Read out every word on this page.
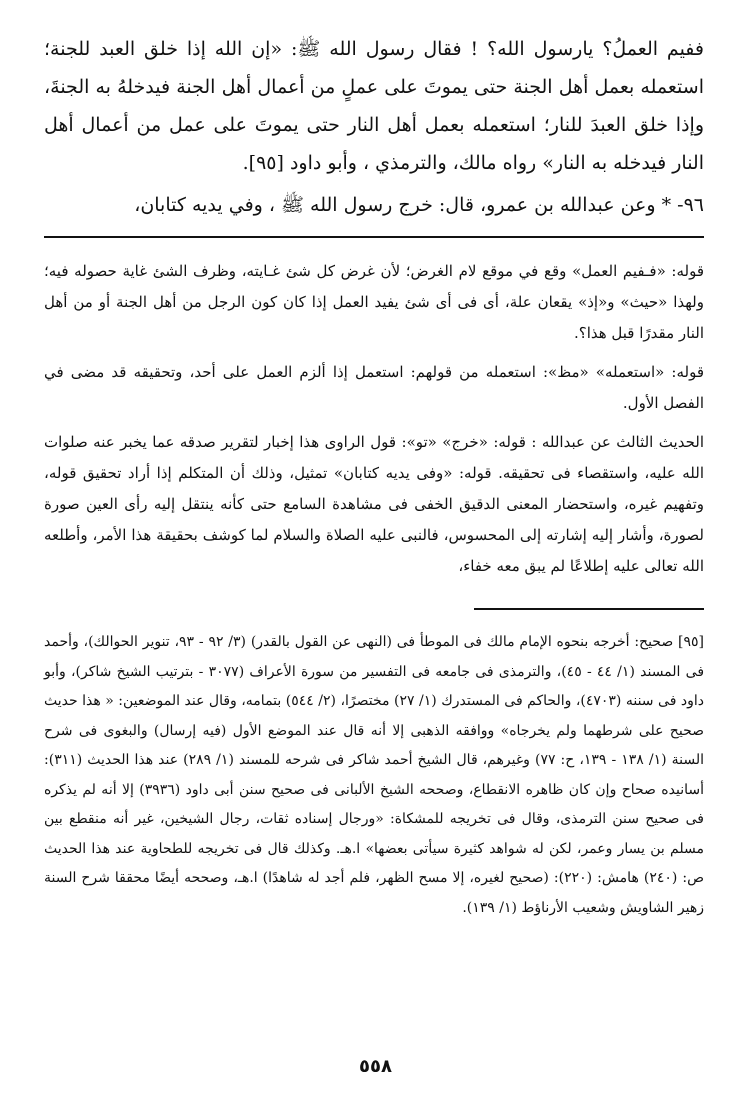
ففيم العملُ؟ يارسول الله؟ ! فقال رسول الله ﷺ: «إن الله إذا خلق العبد للجنة؛ استعمله بعمل أهل الجنة حتى يموتَ على عملٍ من أعمال أهل الجنة فيدخلهُ به الجنةَ، وإذا خلق العبدَ للنار؛ استعمله بعمل أهل النار حتى يموتَ على عمل من أعمال أهل النار فيدخله به النار» رواه مالك، والترمذي ، وأبو داود [٩٥].

٩٦- * وعن عبدالله بن عمرو، قال: خرج رسول الله ﷺ ، وفي يديه كتابان،

قوله: «فـفيم العمل» وقع في موقع لام الغرض؛ لأن غرض كل شئ غـايته، وظرف الشئ غاية حصوله فيه؛ ولهذا «حيث» و«إذ» يقعان علة، أى فى أى شئ يفيد العمل إذا كان كون الرجل من أهل الجنة أو من أهل النار مقدرًا قبل هذا؟.

قوله: «استعمله» «مظ»: استعمله من قولهم: استعمل إذا ألزم العمل على أحد، وتحقيقه قد مضى في الفصل الأول.

الحديث الثالث عن عبدالله : قوله: «خرج» «تو»: قول الراوى هذا إخبار لتقرير صدقه عما يخبر عنه صلوات الله عليه، واستقصاء فى تحقيقه. قوله: «وفى يديه كتابان» تمثيل، وذلك أن المتكلم إذا أراد تحقيق قوله، وتفهيم غيره، واستحضار المعنى الدقيق الخفى فى مشاهدة السامع حتى كأنه ينتقل إليه رأى العين صورة لصورة، وأشار إليه إشارته إلى المحسوس، فالنبى عليه الصلاة والسلام لما كوشف بحقيقة هذا الأمر، وأطلعه الله تعالى عليه إطلاعًا لم يبق معه خفاء،

[٩٥] صحيح: أخرجه بنحوه الإمام مالك فى الموطأ فى (النهى عن القول بالقدر) (٣/ ٩٢ - ٩٣، تنوير الحوالك)، وأحمد فى المسند (١/ ٤٤ - ٤٥)، والترمذى فى جامعه فى التفسير من سورة الأعراف (٣٠٧٧ - بترتيب الشيخ شاكر)، وأبو داود فى سننه (٤٧٠٣)، والحاكم فى المستدرك (١/ ٢٧) مختصرًا، (٢/ ٥٤٤) بتمامه، وقال عند الموضعين: « هذا حديث صحيح على شرطهما ولم يخرجاه» ووافقه الذهبى إلا أنه قال عند الموضع الأول (فيه إرسال) والبغوى فى شرح السنة (١/ ١٣٨ - ١٣٩، ح: ٧٧) وغيرهم، قال الشيخ أحمد شاكر فى شرحه للمسند (١/ ٢٨٩) عند هذا الحديث (٣١١): أسانيده صحاح وإن كان ظاهره الانقطاع، وصححه الشيخ الألبانى فى صحيح سنن أبى داود (٣٩٣٦) إلا أنه لم يذكره فى صحيح سنن الترمذى، وقال فى تخريجه للمشكاة: «ورجال إسناده ثقات، رجال الشيخين، غير أنه منقطع بين مسلم بن يسار وعمر، لكن له شواهد كثيرة سيأتى بعضها» ا.هـ. وكذلك قال فى تخريجه للطحاوية عند هذا الحديث ص: (٢٤٠) هامش: (٢٢٠): (صحيح لغيره، إلا مسح الظهر، فلم أجد له شاهدًا) ا.هـ، وصححه أيضًا محققا شرح السنة زهير الشاويش وشعيب الأرناؤط (١/ ١٣٩).

٥٥٨
